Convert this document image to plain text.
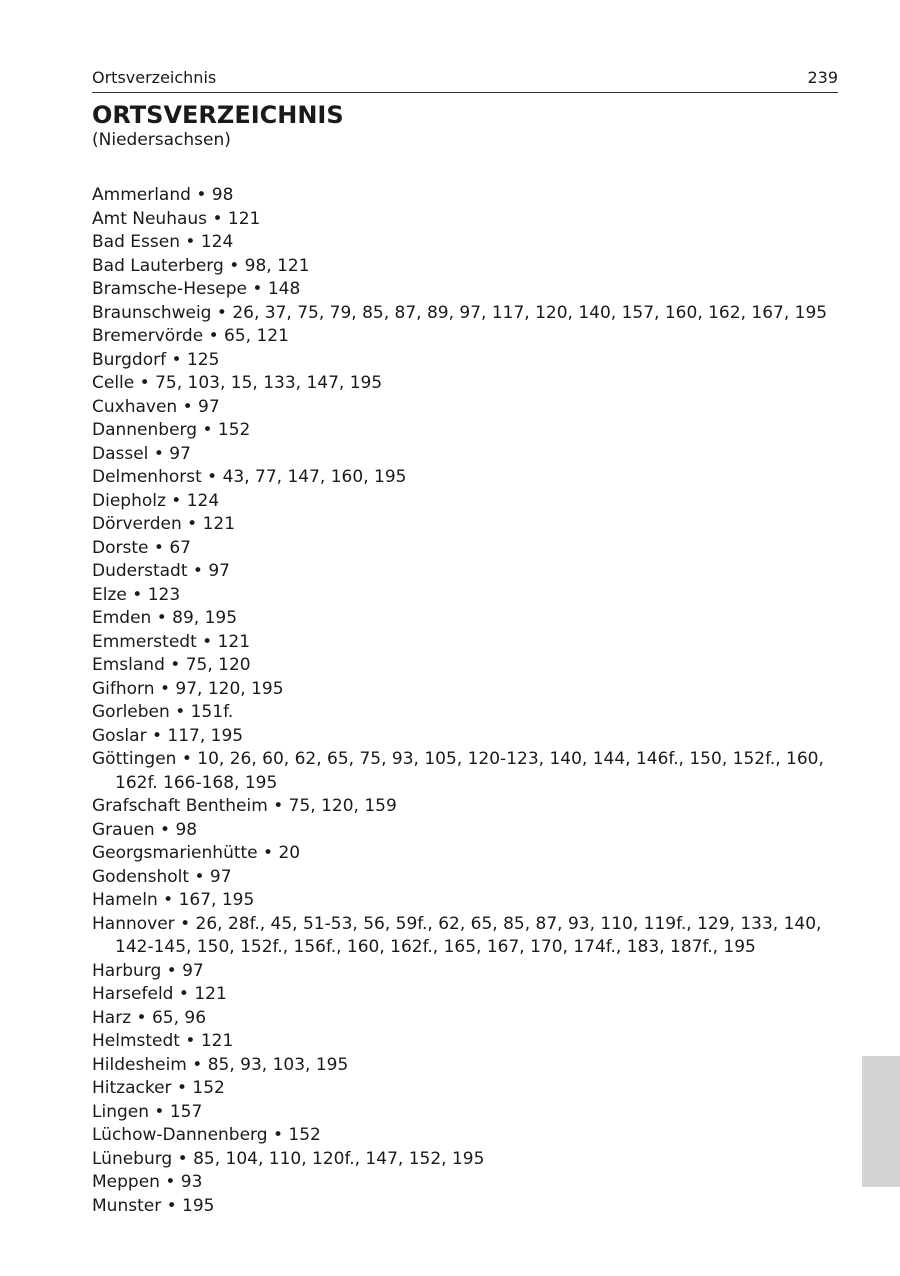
Ortsverzeichnis	239
ORTSVERZEICHNIS
(Niedersachsen)
Ammerland • 98
Amt Neuhaus • 121
Bad Essen • 124
Bad Lauterberg • 98, 121
Bramsche-Hesepe • 148
Braunschweig • 26, 37, 75, 79, 85, 87, 89, 97, 117, 120, 140, 157, 160, 162, 167, 195
Bremervörde • 65, 121
Burgdorf • 125
Celle • 75, 103, 15, 133, 147, 195
Cuxhaven • 97
Dannenberg • 152
Dassel • 97
Delmenhorst • 43, 77, 147, 160, 195
Diepholz • 124
Dörverden • 121
Dorste • 67
Duderstadt • 97
Elze • 123
Emden • 89, 195
Emmerstedt • 121
Emsland • 75, 120
Gifhorn • 97, 120, 195
Gorleben • 151f.
Goslar • 117, 195
Göttingen • 10, 26, 60, 62, 65, 75, 93, 105, 120-123, 140, 144, 146f., 150, 152f., 160, 162f. 166-168, 195
Grafschaft Bentheim • 75, 120, 159
Grauen • 98
Georgsmarienhütte • 20
Godensholt • 97
Hameln • 167, 195
Hannover • 26, 28f., 45, 51-53, 56, 59f., 62, 65, 85, 87, 93, 110, 119f., 129, 133, 140, 142-145, 150, 152f., 156f., 160, 162f., 165, 167, 170, 174f., 183, 187f., 195
Harburg • 97
Harsefeld • 121
Harz • 65, 96
Helmstedt • 121
Hildesheim • 85, 93, 103, 195
Hitzacker • 152
Lingen • 157
Lüchow-Dannenberg • 152
Lüneburg • 85, 104, 110, 120f., 147, 152, 195
Meppen • 93
Munster • 195
